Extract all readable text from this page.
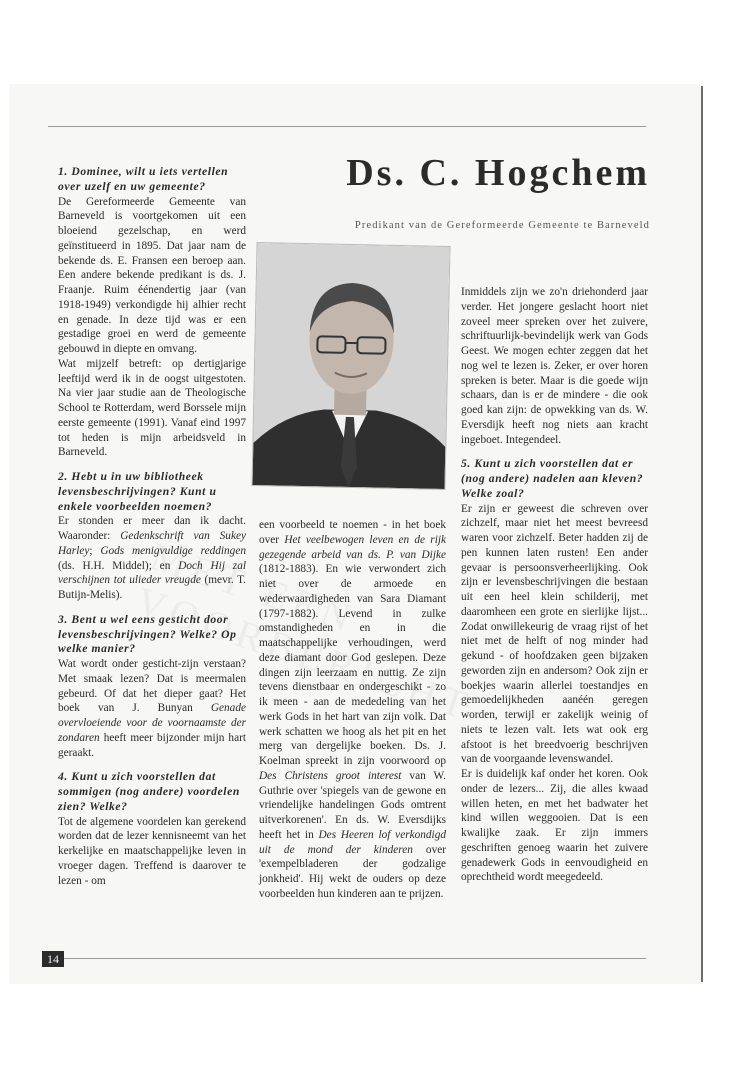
Ds. C. Hogchem
Predikant van de Gereformeerde Gemeente te Barneveld

1. Dominee, wilt u iets vertellen over uzelf en uw gemeente?

De Gereformeerde Gemeente van Barneveld is voortgekomen uit een bloeiend gezelschap, en werd geïnstitueerd in 1895. Dat jaar nam de bekende ds. E. Fransen een beroep aan. Een andere bekende predikant is ds. J. Fraanje. Ruim éénendertig jaar (van 1918-1949) verkondigde hij alhier recht en genade. In deze tijd was er een gestadige groei en werd de gemeente gebouwd in diepte en omvang.

Wat mijzelf betreft: op dertigjarige leeftijd werd ik in de oogst uitgestoten. Na vier jaar studie aan de Theologische School te Rotterdam, werd Borssele mijn eerste gemeente (1991). Vanaf eind 1997 tot heden is mijn arbeidsveld in Barneveld.

2. Hebt u in uw bibliotheek levensbeschrijvingen? Kunt u enkele voorbeelden noemen?

Er stonden er meer dan ik dacht. Waaronder: Gedenkschrift van Sukey Harley; Gods menigvuldige reddingen (ds. H.H. Middel); en Doch Hij zal verschijnen tot ulieder vreugde (mevr. T. Butijn-Melis).

3. Bent u wel eens gesticht door levensbeschrijvingen? Welke? Op welke manier?

Wat wordt onder gesticht-zijn verstaan? Met smaak lezen? Dat is meermalen gebeurd. Of dat het dieper gaat? Het boek van J. Bunyan Genade overvloeiende voor de voornaamste der zondaren heeft meer bijzonder mijn hart geraakt.

4. Kunt u zich voorstellen dat sommigen (nog andere) voordelen zien? Welke?

Tot de algemene voordelen kan gerekend worden dat de lezer kennisneemt van het kerkelijke en maatschappelijke leven in vroeger dagen. Treffend is daarover te lezen - om

een voorbeeld te noemen - in het boek over Het veelbewogen leven en de rijk gezegende arbeid van ds. P. van Dijke (1812-1883). En wie verwondert zich niet over de armoede en wederwaardigheden van Sara Diamant (1797-1882). Levend in zulke omstandigheden en in die maatschappelijke verhoudingen, werd deze diamant door God geslepen. Deze dingen zijn leerzaam en nuttig. Ze zijn tevens dienstbaar en ondergeschikt - zo ik meen - aan de mededeling van het werk Gods in het hart van zijn volk. Dat werk schatten we hoog als het pit en het merg van dergelijke boeken. Ds. J. Koelman spreekt in zijn voorwoord op Des Christens groot interest van W. Guthrie over 'spiegels van de gewone en vriendelijke handelingen Gods omtrent uitverkorenen'. En ds. W. Eversdijks heeft het in Des Heeren lof verkondigd uit de mond der kinderen over 'exempelbladeren der godzalige jonkheid'. Hij wekt de ouders op deze voorbeelden hun kinderen aan te prijzen.

Inmiddels zijn we zo'n driehonderd jaar verder. Het jongere geslacht hoort niet zoveel meer spreken over het zuivere, schriftuurlijk-bevindelijk werk van Gods Geest. We mogen echter zeggen dat het nog wel te lezen is. Zeker, er over horen spreken is beter. Maar is die goede wijn schaars, dan is er de mindere - die ook goed kan zijn: de opwekking van ds. W. Eversdijk heeft nog niets aan kracht ingeboet. Integendeel.

5. Kunt u zich voorstellen dat er (nog andere) nadelen aan kleven? Welke zoal?

Er zijn er geweest die schreven over zichzelf, maar niet het meest bevreesd waren voor zichzelf. Beter hadden zij de pen kunnen laten rusten! Een ander gevaar is persoonsverheerlijking. Ook zijn er levensbeschrijvingen die bestaan uit een heel klein schilderij, met daaromheen een grote en sierlijke lijst... Zodat onwillekeurig de vraag rijst of het niet met de helft of nog minder had gekund - of hoofdzaken geen bijzaken geworden zijn en andersom? Ook zijn er boekjes waarin allerlei toestandjes en gemoedelijkheden aanéén geregen worden, terwijl er zakelijk weinig of niets te lezen valt. Iets wat ook erg afstoot is het breedvoerig beschrijven van de voorgaande levenswandel.

Er is duidelijk kaf onder het koren. Ook onder de lezers... Zij, die alles kwaad willen heten, en met het badwater het kind willen weggooien. Dat is een kwalijke zaak. Er zijn immers geschriften genoeg waarin het zuivere genadewerk Gods in eenvoudigheid en oprechtheid wordt meegedeeld.

14
